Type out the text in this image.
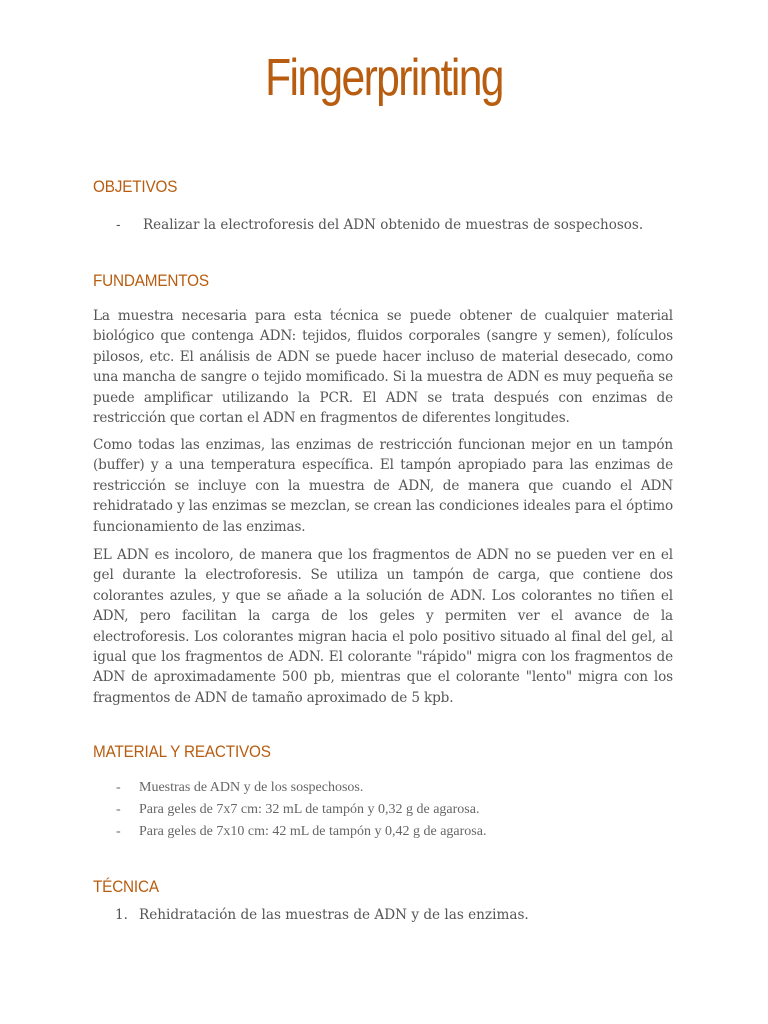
Fingerprinting
OBJETIVOS
- Realizar la electroforesis del ADN obtenido de muestras de sospechosos.
FUNDAMENTOS

La muestra necesaria para esta técnica se puede obtener de cualquier material biológico que contenga ADN: tejidos, fluidos corporales (sangre y semen), folículos pilosos, etc. El análisis de ADN se puede hacer incluso de material desecado, como una mancha de sangre o tejido momificado. Si la muestra de ADN es muy pequeña se puede amplificar utilizando la PCR. El ADN se trata después con enzimas de restricción que cortan el ADN en fragmentos de diferentes longitudes.

Como todas las enzimas, las enzimas de restricción funcionan mejor en un tampón (buffer) y a una temperatura específica. El tampón apropiado para las enzimas de restricción se incluye con la muestra de ADN, de manera que cuando el ADN rehidratado y las enzimas se mezclan, se crean las condiciones ideales para el óptimo funcionamiento de las enzimas.

EL ADN es incoloro, de manera que los fragmentos de ADN no se pueden ver en el gel durante la electroforesis. Se utiliza un tampón de carga, que contiene dos colorantes azules, y que se añade a la solución de ADN. Los colorantes no tiñen el ADN, pero facilitan la carga de los geles y permiten ver el avance de la electroforesis. Los colorantes migran hacia el polo positivo situado al final del gel, al igual que los fragmentos de ADN. El colorante "rápido" migra con los fragmentos de ADN de aproximadamente 500 pb, mientras que el colorante "lento" migra con los fragmentos de ADN de tamaño aproximado de 5 kpb.

MATERIAL Y REACTIVOS
- Muestras de ADN y de los sospechosos.
- Para geles de 7x7 cm: 32 mL de tampón y 0,32 g de agarosa.
- Para geles de 7x10 cm: 42 mL de tampón y 0,42 g de agarosa.
TÉCNICA
1. Rehidratación de las muestras de ADN y de las enzimas.
